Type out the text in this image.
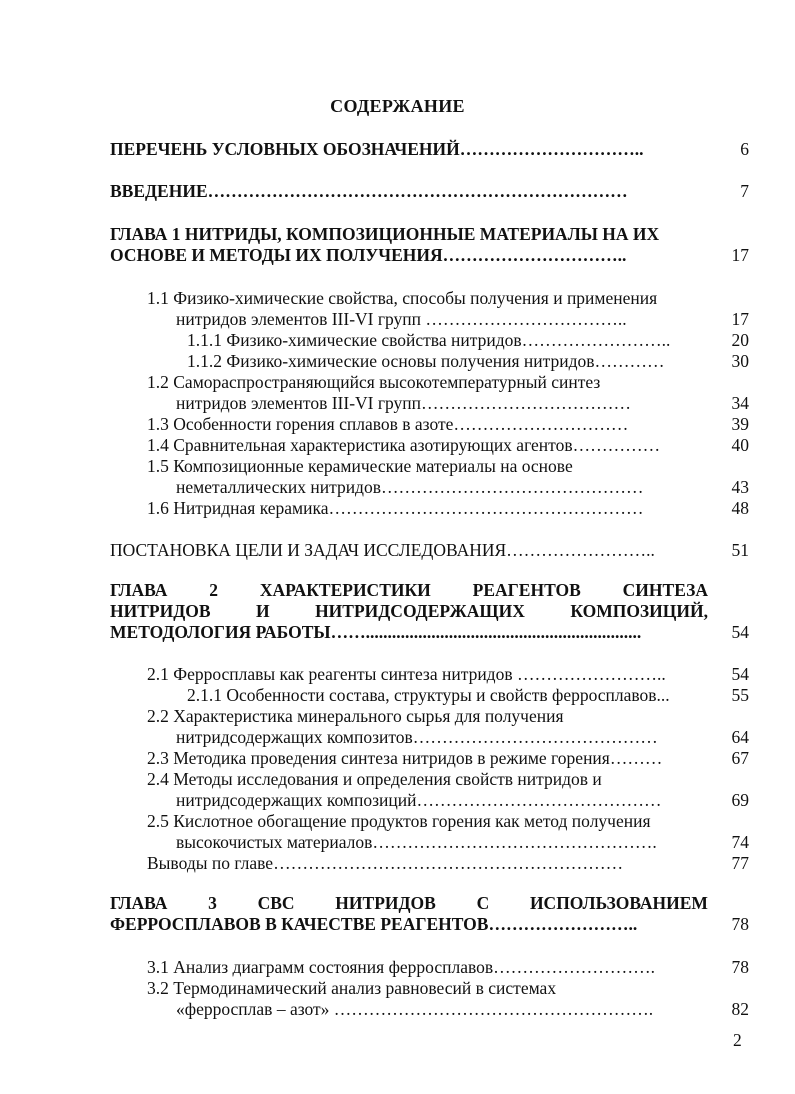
СОДЕРЖАНИЕ
ПЕРЕЧЕНЬ УСЛОВНЫХ ОБОЗНАЧЕНИЙ…………………………..	6
ВВЕДЕНИЕ………………………………………………………………	7
ГЛАВА 1 НИТРИДЫ, КОМПОЗИЦИОННЫЕ МАТЕРИАЛЫ НА ИХ
ОСНОВЕ И МЕТОДЫ ИХ ПОЛУЧЕНИЯ…………………………..	17
1.1 Физико-химические свойства, способы получения и применения
нитридов элементов III-VI групп ……………………………..	17
1.1.1 Физико-химические свойства нитридов……………………..	20
1.1.2 Физико-химические основы получения нитридов…………	30
1.2 Самораспространяющийся высокотемпературный синтез
нитридов элементов III-VI групп………………………………	34
1.3 Особенности горения сплавов в азоте…………………………	39
1.4 Сравнительная характеристика азотирующих агентов……………	40
1.5 Композиционные керамические материалы на основе
неметаллических нитридов………………………………………	43
1.6 Нитридная керамика………………………………………………	48
ПОСТАНОВКА ЦЕЛИ И ЗАДАЧ ИССЛЕДОВАНИЯ……………………..	51
ГЛАВА 2 ХАРАКТЕРИСТИКИ РЕАГЕНТОВ СИНТЕЗА
НИТРИДОВ	И	НИТРИДСОДЕРЖАЩИХ	КОМПОЗИЦИЙ,
МЕТОДОЛОГИЯ РАБОТЫ……...............................................................	54
2.1 Ферросплавы как реагенты синтеза нитридов ……………………..	54
2.1.1 Особенности состава, структуры и свойств ферросплавов...	55
2.2 Характеристика минерального сырья для получения
нитридсодержащих композитов……………………………………	64
2.3 Методика проведения синтеза нитридов в режиме горения………	67
2.4 Методы исследования и определения свойств нитридов и
нитридсодержащих композиций……………………………………	69
2.5 Кислотное обогащение продуктов горения как метод получения
высокочистых материалов………………………………………….	74
Выводы по главе……………………………………………………	77
ГЛАВА 3 СВС НИТРИДОВ С ИСПОЛЬЗОВАНИЕМ
ФЕРРОСПЛАВОВ В КАЧЕСТВЕ РЕАГЕНТОВ……………………..	78
3.1 Анализ диаграмм состояния ферросплавов……………………….	78
3.2 Термодинамический анализ равновесий в системах
«ферросплав – азот» ……………………………………………….	82
2
